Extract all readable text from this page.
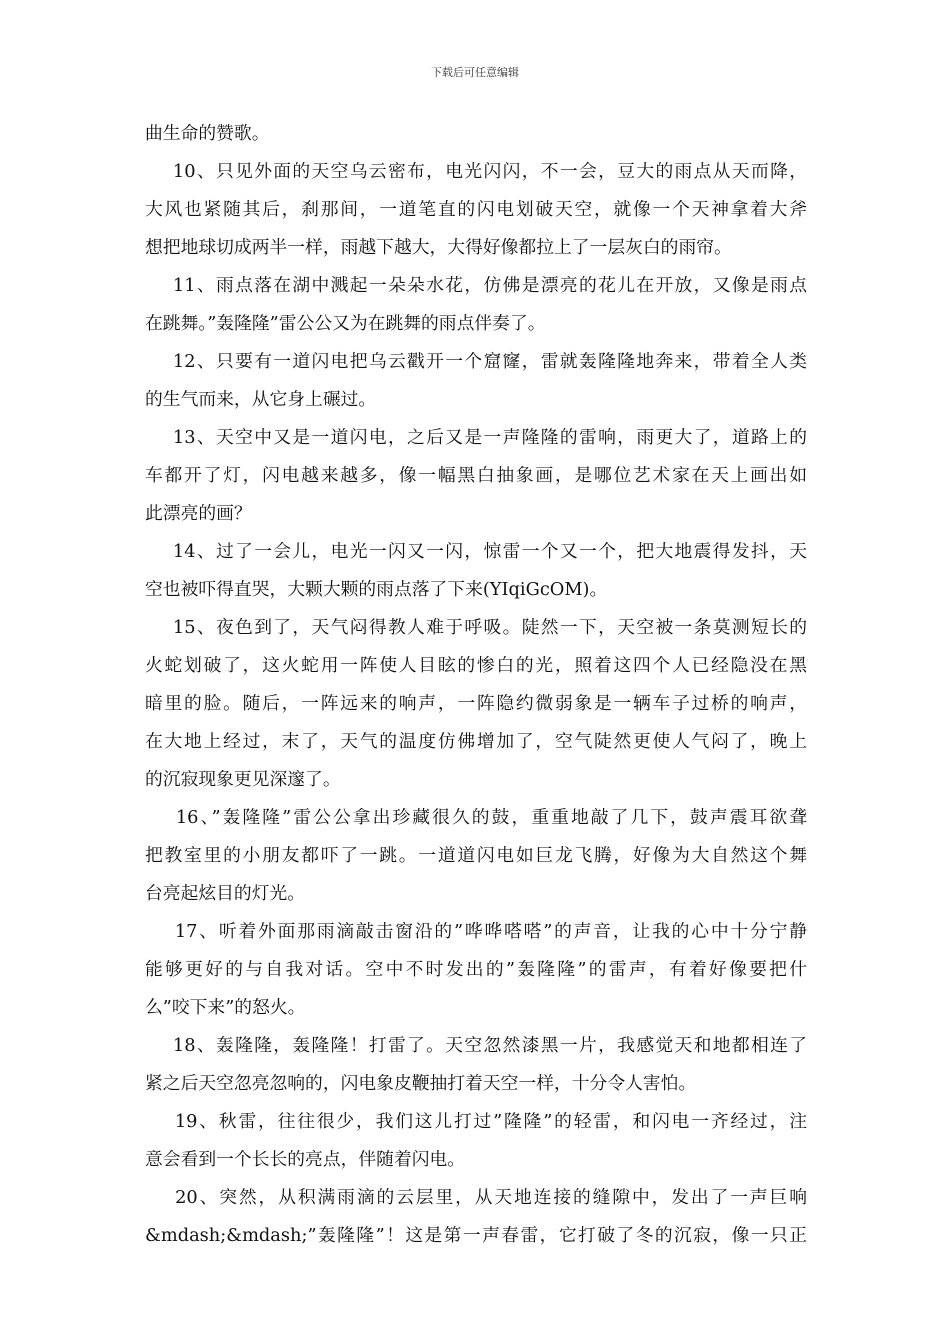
下载后可任意编辑
曲生命的赞歌。
10、只见外面的天空乌云密布，电光闪闪，不一会，豆大的雨点从天而降，
大风也紧随其后，刹那间，一道笔直的闪电划破天空，就像一个天神拿着大斧
想把地球切成两半一样，雨越下越大，大得好像都拉上了一层灰白的雨帘。
11、雨点落在湖中溅起一朵朵水花，仿佛是漂亮的花儿在开放，又像是雨点
在跳舞。”轰隆隆”雷公公又为在跳舞的雨点伴奏了。
12、只要有一道闪电把乌云戳开一个窟窿，雷就轰隆隆地奔来，带着全人类
的生气而来，从它身上碾过。
13、天空中又是一道闪电，之后又是一声隆隆的雷响，雨更大了，道路上的
车都开了灯，闪电越来越多，像一幅黑白抽象画，是哪位艺术家在天上画出如
此漂亮的画？
14、过了一会儿，电光一闪又一闪，惊雷一个又一个，把大地震得发抖，天
空也被吓得直哭，大颗大颗的雨点落了下来(YIqiGcOM)。
15、夜色到了，天气闷得教人难于呼吸。陡然一下，天空被一条莫测短长的
火蛇划破了，这火蛇用一阵使人目眩的惨白的光，照着这四个人已经隐没在黑
暗里的脸。随后，一阵远来的响声，一阵隐约微弱象是一辆车子过桥的响声，
在大地上经过，末了，天气的温度仿佛增加了，空气陡然更使人气闷了，晚上
的沉寂现象更见深邃了。
16、”轰隆隆”雷公公拿出珍藏很久的鼓，重重地敲了几下，鼓声震耳欲聋
把教室里的小朋友都吓了一跳。一道道闪电如巨龙飞腾，好像为大自然这个舞
台亮起炫目的灯光。
17、听着外面那雨滴敲击窗沿的”哗哗嗒嗒”的声音，让我的心中十分宁静
能够更好的与自我对话。空中不时发出的”轰隆隆”的雷声，有着好像要把什
么”咬下来”的怒火。
18、轰隆隆，轰隆隆！打雷了。天空忽然漆黑一片，我感觉天和地都相连了
紧之后天空忽亮忽响的，闪电象皮鞭抽打着天空一样，十分令人害怕。
19、秋雷，往往很少，我们这儿打过”隆隆”的轻雷，和闪电一齐经过，注
意会看到一个长长的亮点，伴随着闪电。
20、突然，从积满雨滴的云层里，从天地连接的缝隙中，发出了一声巨响
&mdash;&mdash;”轰隆隆”！这是第一声春雷，它打破了冬的沉寂，像一只正
